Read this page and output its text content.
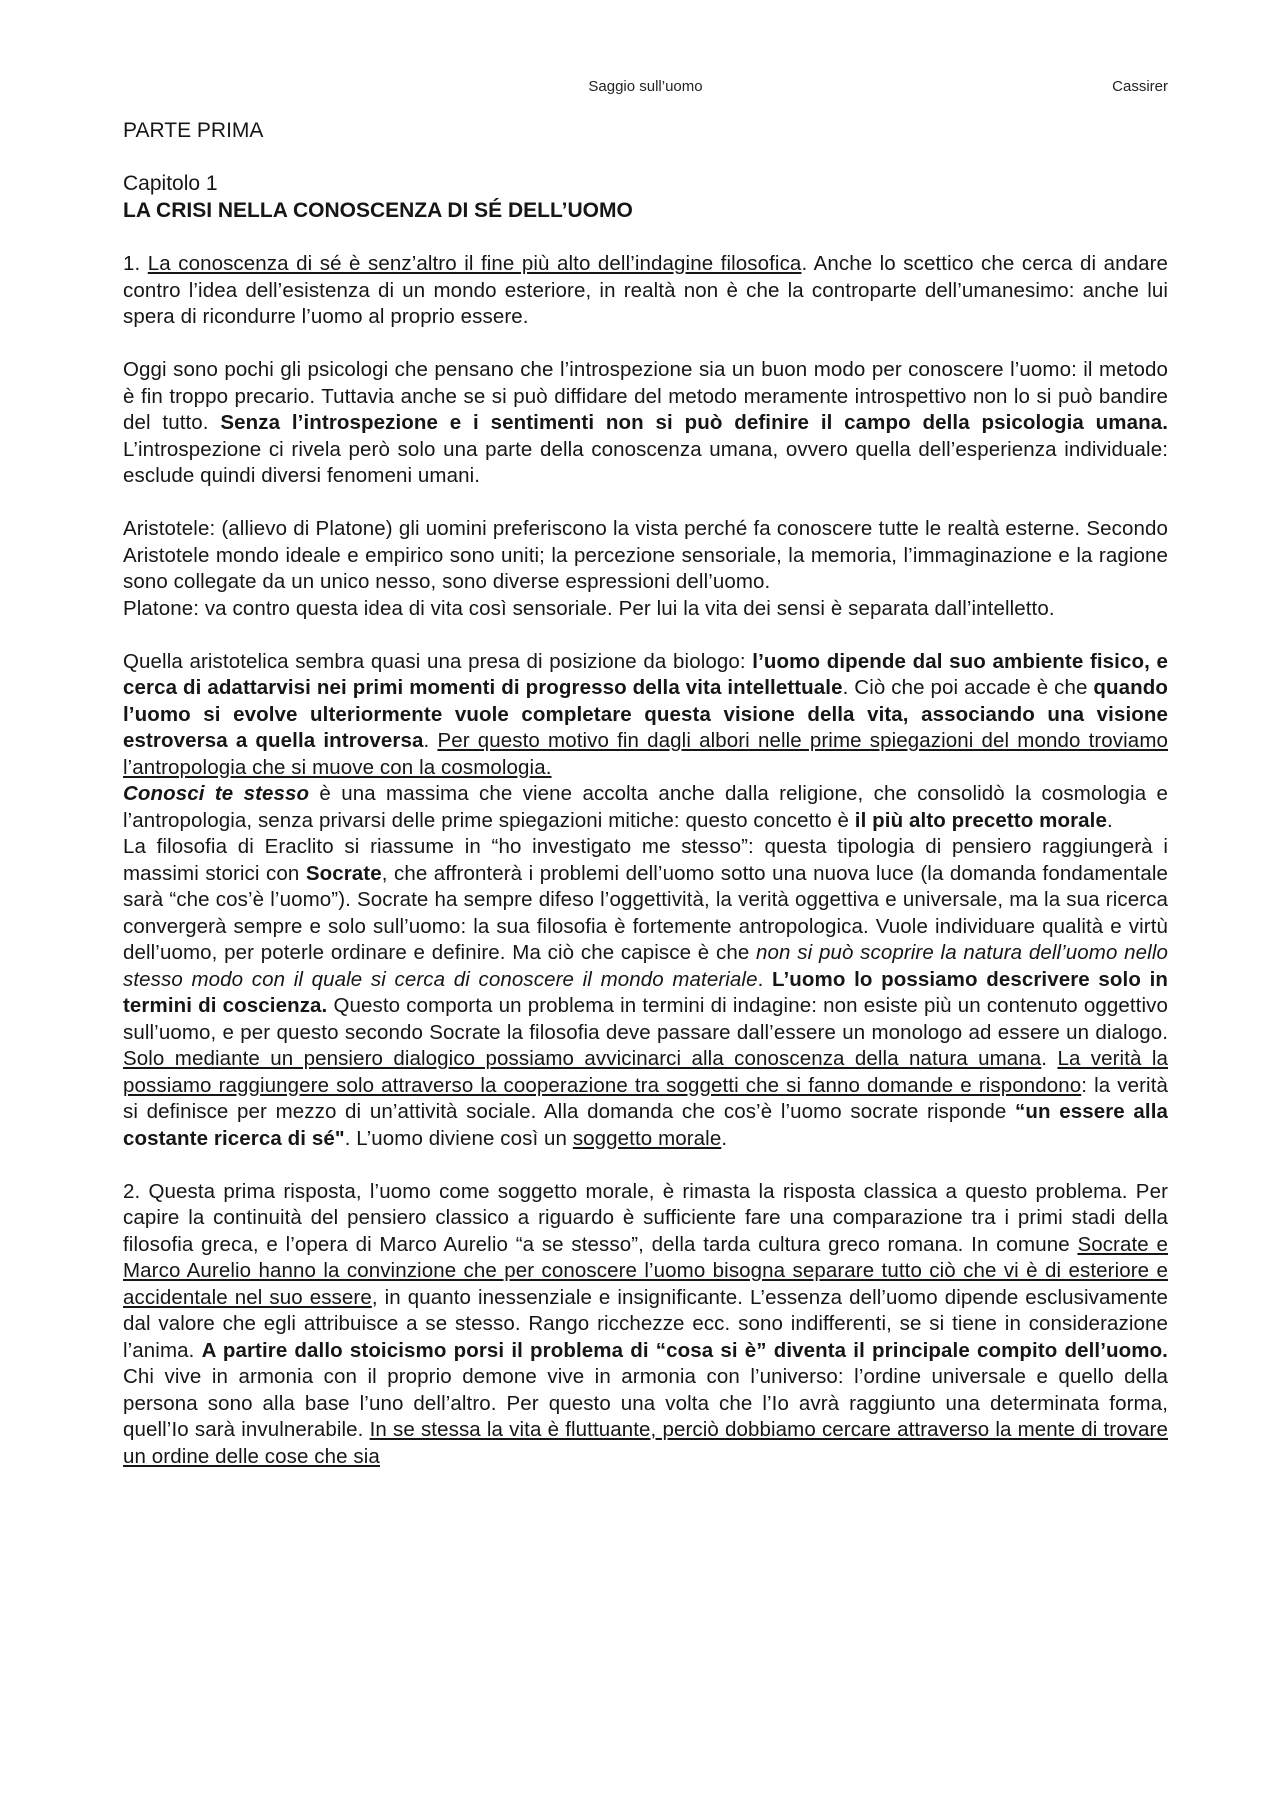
Saggio sull’uomo	Cassirer
PARTE PRIMA
Capitolo 1
LA CRISI NELLA CONOSCENZA DI SÉ DELL’UOMO

1. La conoscenza di sé è senz’altro il fine più alto dell’indagine filosofica. Anche lo scettico che cerca di andare contro l’idea dell’esistenza di un mondo esteriore, in realtà non è che la controparte dell’umanesimo: anche lui spera di ricondurre l’uomo al proprio essere.

Oggi sono pochi gli psicologi che pensano che l’introspezione sia un buon modo per conoscere l’uomo: il metodo è fin troppo precario. Tuttavia anche se si può diffidare del metodo meramente introspettivo non lo si può bandire del tutto. Senza l’introspezione e i sentimenti non si può definire il campo della psicologia umana. L’introspezione ci rivela però solo una parte della conoscenza umana, ovvero quella dell’esperienza individuale: esclude quindi diversi fenomeni umani.

Aristotele: (allievo di Platone) gli uomini preferiscono la vista perché fa conoscere tutte le realtà esterne. Secondo Aristotele mondo ideale e empirico sono uniti; la percezione sensoriale, la memoria, l’immaginazione e la ragione sono collegate da un unico nesso, sono diverse espressioni dell’uomo.

Platone: va contro questa idea di vita così sensoriale. Per lui la vita dei sensi è separata dall’intelletto.

Quella aristotelica sembra quasi una presa di posizione da biologo: l’uomo dipende dal suo ambiente fisico, e cerca di adattarvisi nei primi momenti di progresso della vita intellettuale. Ciò che poi accade è che quando l’uomo si evolve ulteriormente vuole completare questa visione della vita, associando una visione estroversa a quella introversa. Per questo motivo fin dagli albori nelle prime spiegazioni del mondo troviamo l’antropologia che si muove con la cosmologia.

Conosci te stesso è una massima che viene accolta anche dalla religione, che consolidò la cosmologia e l’antropologia, senza privarsi delle prime spiegazioni mitiche: questo concetto è il più alto precetto morale.

La filosofia di Eraclito si riassume in “ho investigato me stesso”: questa tipologia di pensiero raggiungerà i massimi storici con Socrate, che affronterà i problemi dell’uomo sotto una nuova luce (la domanda fondamentale sarà “che cos’è l’uomo”). Socrate ha sempre difeso l’oggettività, la verità oggettiva e universale, ma la sua ricerca convergerà sempre e solo sull’uomo: la sua filosofia è fortemente antropologica. Vuole individuare qualità e virtù dell’uomo, per poterle ordinare e definire. Ma ciò che capisce è che non si può scoprire la natura dell’uomo nello stesso modo con il quale si cerca di conoscere il mondo materiale. L’uomo lo possiamo descrivere solo in termini di coscienza. Questo comporta un problema in termini di indagine: non esiste più un contenuto oggettivo sull’uomo, e per questo secondo Socrate la filosofia deve passare dall’essere un monologo ad essere un dialogo. Solo mediante un pensiero dialogico possiamo avvicinarci alla conoscenza della natura umana. La verità la possiamo raggiungere solo attraverso la cooperazione tra soggetti che si fanno domande e rispondono: la verità si definisce per mezzo di un’attività sociale. Alla domanda che cos’è l’uomo socrate risponde “un essere alla costante ricerca di sé". L’uomo diviene così un soggetto morale.

2. Questa prima risposta, l’uomo come soggetto morale, è rimasta la risposta classica a questo problema. Per capire la continuità del pensiero classico a riguardo è sufficiente fare una comparazione tra i primi stadi della filosofia greca, e l’opera di Marco Aurelio “a se stesso”, della tarda cultura greco romana. In comune Socrate e Marco Aurelio hanno la convinzione che per conoscere l’uomo bisogna separare tutto ciò che vi è di esteriore e accidentale nel suo essere, in quanto inessenziale e insignificante. L’essenza dell’uomo dipende esclusivamente dal valore che egli attribuisce a se stesso. Rango ricchezze ecc. sono indifferenti, se si tiene in considerazione l’anima. A partire dallo stoicismo porsi il problema di “cosa si è” diventa il principale compito dell’uomo. Chi vive in armonia con il proprio demone vive in armonia con l’universo: l’ordine universale e quello della persona sono alla base l’uno dell’altro. Per questo una volta che l’Io avrà raggiunto una determinata forma, quell’Io sarà invulnerabile. In se stessa la vita è fluttuante, perciò dobbiamo cercare attraverso la mente di trovare un ordine delle cose che sia
